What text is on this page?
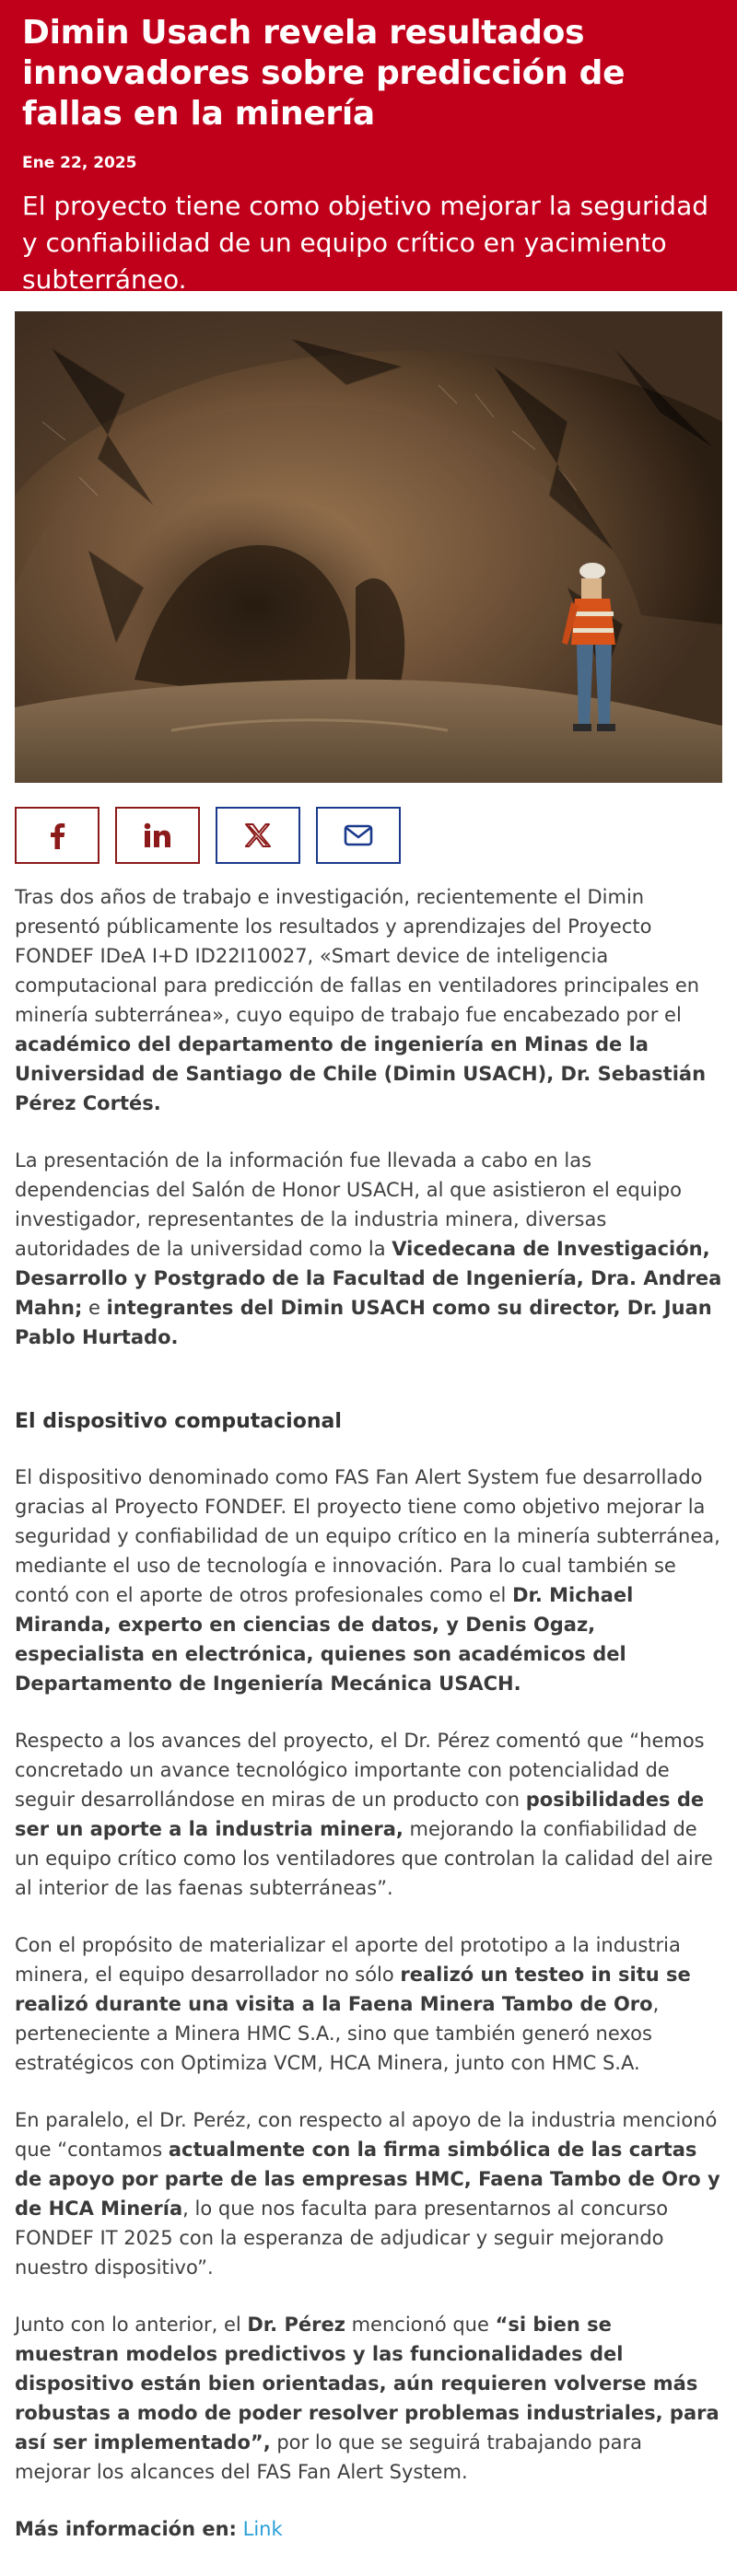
Dimin Usach revela resultados innovadores sobre predicción de fallas en la minería
Ene 22, 2025
El proyecto tiene como objetivo mejorar la seguridad y confiabilidad de un equipo crítico en yacimiento subterráneo.

Tras dos años de trabajo e investigación, recientemente el Dimin presentó públicamente los resultados y aprendizajes del Proyecto FONDEF IDeA I+D ID22I10027, «Smart device de inteligencia computacional para predicción de fallas en ventiladores principales en minería subterránea», cuyo equipo de trabajo fue encabezado por el académico del departamento de ingeniería en Minas de la Universidad de Santiago de Chile (Dimin USACH), Dr. Sebastián Pérez Cortés.

La presentación de la información fue llevada a cabo en las dependencias del Salón de Honor USACH, al que asistieron el equipo investigador, representantes de la industria minera, diversas autoridades de la universidad como la Vicedecana de Investigación, Desarrollo y Postgrado de la Facultad de Ingeniería, Dra. Andrea Mahn; e integrantes del Dimin USACH como su director, Dr. Juan Pablo Hurtado.

El dispositivo computacional

El dispositivo denominado como FAS Fan Alert System fue desarrollado gracias al Proyecto FONDEF. El proyecto tiene como objetivo mejorar la seguridad y confiabilidad de un equipo crítico en la minería subterránea, mediante el uso de tecnología e innovación. Para lo cual también se contó con el aporte de otros profesionales como el Dr. Michael Miranda, experto en ciencias de datos, y Denis Ogaz, especialista en electrónica, quienes son académicos del Departamento de Ingeniería Mecánica USACH.

Respecto a los avances del proyecto, el Dr. Pérez comentó que “hemos concretado un avance tecnológico importante con potencialidad de seguir desarrollándose en miras de un producto con posibilidades de ser un aporte a la industria minera, mejorando la confiabilidad de un equipo crítico como los ventiladores que controlan la calidad del aire al interior de las faenas subterráneas”.

Con el propósito de materializar el aporte del prototipo a la industria minera, el equipo desarrollador no sólo realizó un testeo in situ se realizó durante una visita a la Faena Minera Tambo de Oro, perteneciente a Minera HMC S.A., sino que también generó nexos estratégicos con Optimiza VCM, HCA Minera, junto con HMC S.A.

En paralelo, el Dr. Peréz, con respecto al apoyo de la industria mencionó que “contamos actualmente con la firma simbólica de las cartas de apoyo por parte de las empresas HMC, Faena Tambo de Oro y de HCA Minería, lo que nos faculta para presentarnos al concurso FONDEF IT 2025 con la esperanza de adjudicar y seguir mejorando nuestro dispositivo”.

Junto con lo anterior, el Dr. Pérez mencionó que “si bien se muestran modelos predictivos y las funcionalidades del dispositivo están bien orientadas, aún requieren volverse más robustas a modo de poder resolver problemas industriales, para así ser implementado”, por lo que se seguirá trabajando para mejorar los alcances del FAS Fan Alert System.

Más información en: Link
